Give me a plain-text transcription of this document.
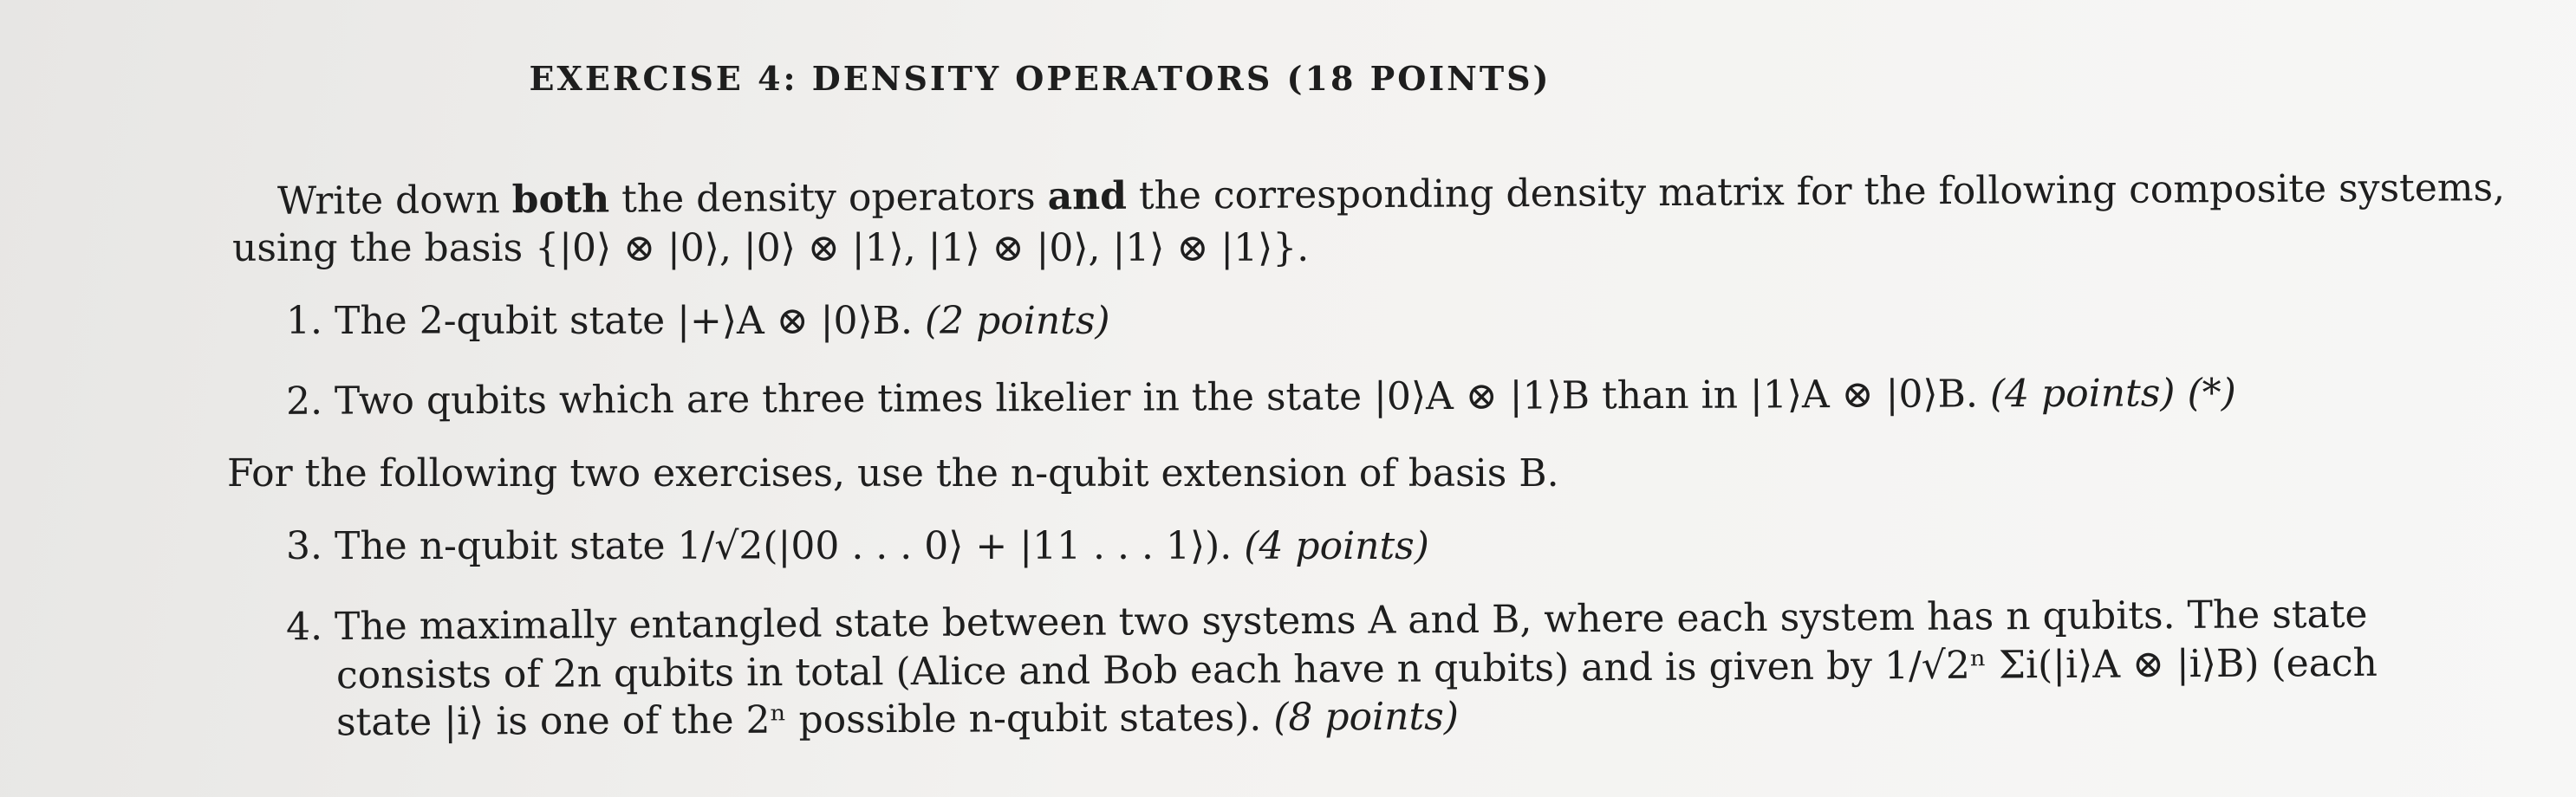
EXERCISE 4: DENSITY OPERATORS (18 POINTS)
Write down both the density operators and the corresponding density matrix for the following composite systems,
using the basis {|0⟩ ⊗ |0⟩, |0⟩ ⊗ |1⟩, |1⟩ ⊗ |0⟩, |1⟩ ⊗ |1⟩}.
1. The 2-qubit state |+⟩A ⊗ |0⟩B. (2 points)
2. Two qubits which are three times likelier in the state |0⟩A ⊗ |1⟩B than in |1⟩A ⊗ |0⟩B. (4 points) (*)
For the following two exercises, use the n-qubit extension of basis B.
3. The n-qubit state 1/√2(|00 . . . 0⟩ + |11 . . . 1⟩). (4 points)
4. The maximally entangled state between two systems A and B, where each system has n qubits. The state
consists of 2n qubits in total (Alice and Bob each have n qubits) and is given by 1/√2ⁿ Σi(|i⟩A ⊗ |i⟩B) (each
state |i⟩ is one of the 2ⁿ possible n-qubit states). (8 points)
